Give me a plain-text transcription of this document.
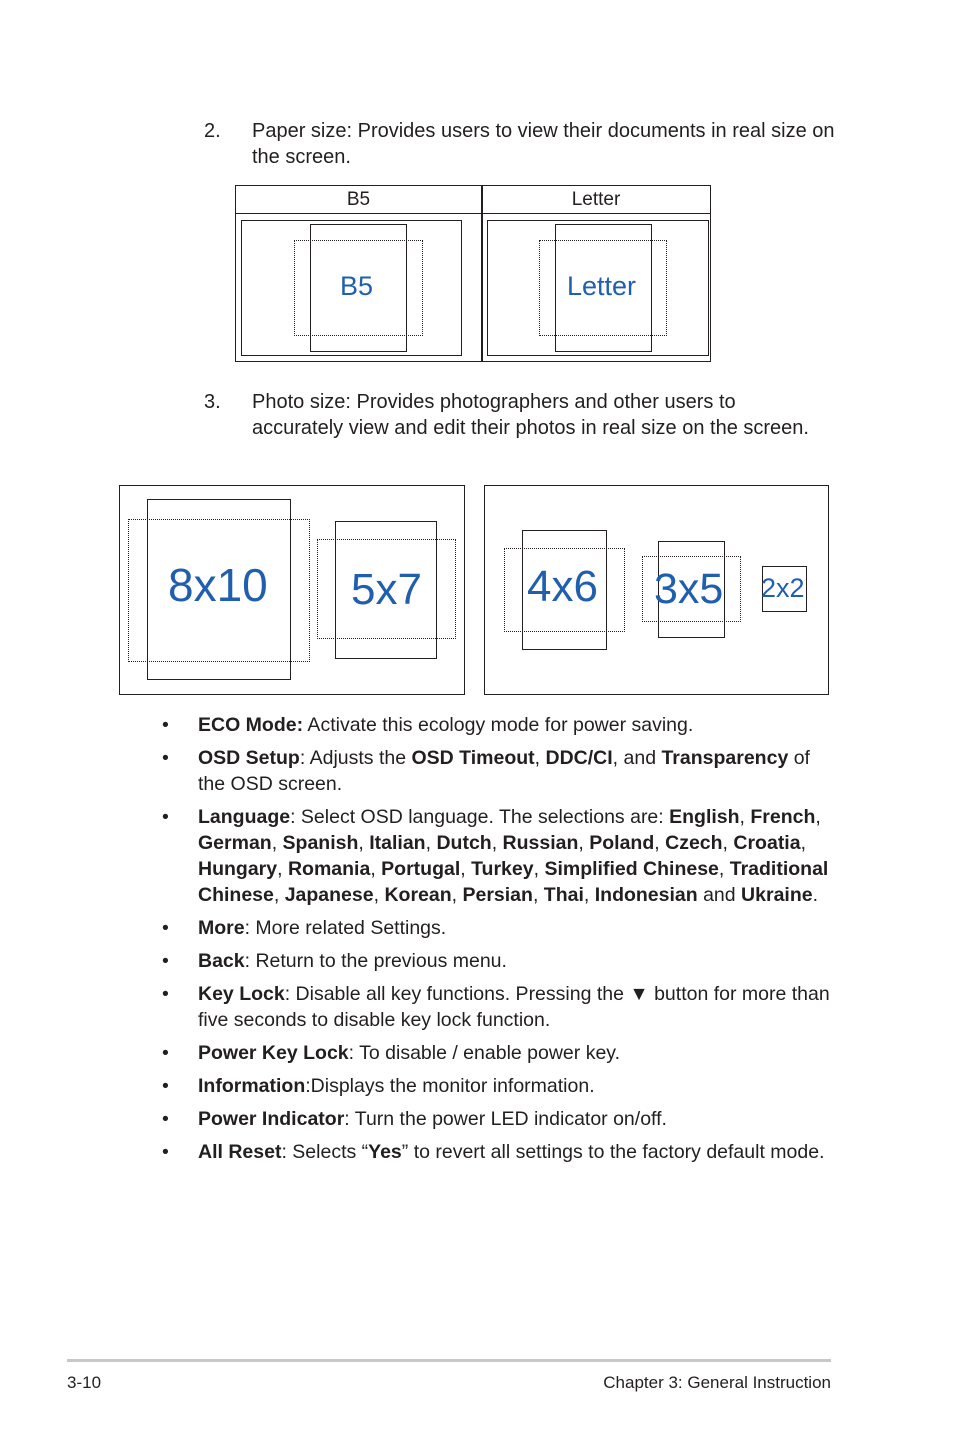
2. Paper size: Provides users to view their documents in real size on the screen.
B5	Letter
B5	Letter
3. Photo size: Provides photographers and other users to accurately view and edit their photos in real size on the screen.
8x10 5x7 4x6 3x5 2x2
• ECO Mode: Activate this ecology mode for power saving.
• OSD Setup: Adjusts the OSD Timeout, DDC/CI, and Transparency of the OSD screen.
• Language: Select OSD language. The selections are: English, French, German, Spanish, Italian, Dutch, Russian, Poland, Czech, Croatia, Hungary, Romania, Portugal, Turkey, Simplified Chinese, Traditional Chinese, Japanese, Korean, Persian, Thai, Indonesian and Ukraine.
• More: More related Settings.
• Back: Return to the previous menu.
• Key Lock: Disable all key functions. Pressing the ▼ button for more than five seconds to disable key lock function.
• Power Key Lock: To disable / enable power key.
• Information:Displays the monitor information.
• Power Indicator: Turn the power LED indicator on/off.
• All Reset: Selects “Yes” to revert all settings to the factory default mode.
3-10	Chapter 3: General Instruction
